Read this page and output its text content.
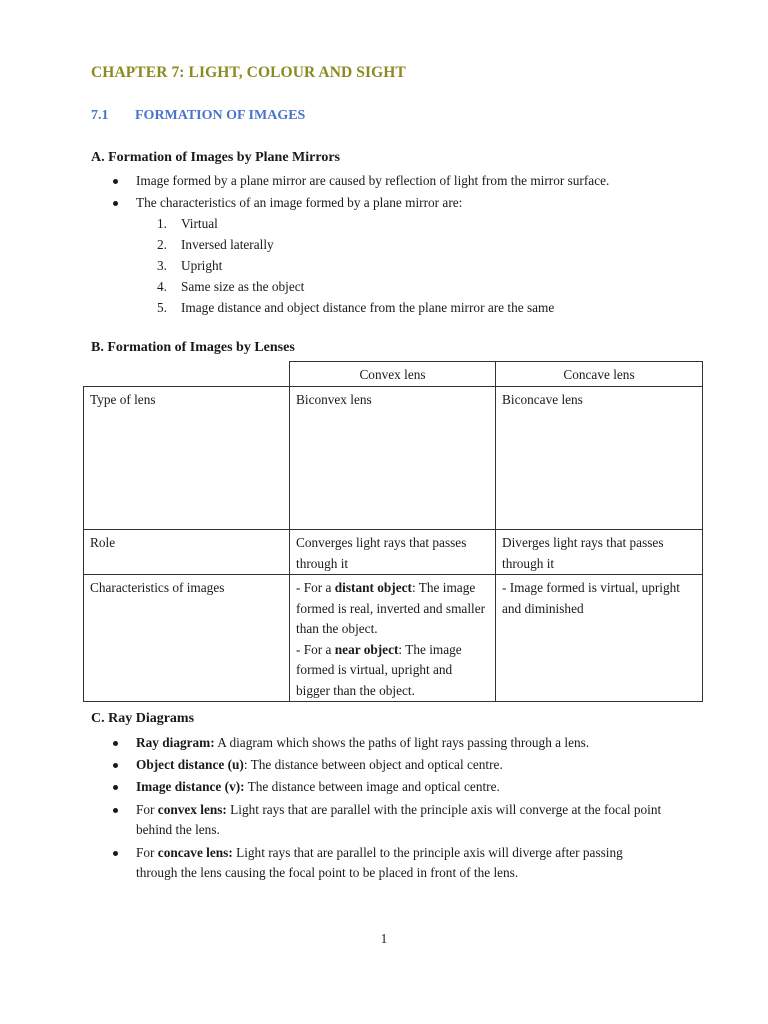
CHAPTER 7: LIGHT, COLOUR AND SIGHT
7.1 FORMATION OF IMAGES
A. Formation of Images by Plane Mirrors
Image formed by a plane mirror are caused by reflection of light from the mirror surface.
The characteristics of an image formed by a plane mirror are:
1.	Virtual
2.	Inversed laterally
3.	Upright
4.	Same size as the object
5.	Image distance and object distance from the plane mirror are the same
B. Formation of Images by Lenses
	Convex lens	Concave lens
Type of lens	Biconvex lens	Biconcave lens
Role	Converges light rays that passes through it	Diverges light rays that passes through it
Characteristics of images	- For a distant object: The image formed is real, inverted and smaller than the object.
- For a near object: The image formed is virtual, upright and bigger than the object.	- Image formed is virtual, upright and diminished
C. Ray Diagrams
Ray diagram: A diagram which shows the paths of light rays passing through a lens.
Object distance (u): The distance between object and optical centre.
Image distance (v): The distance between image and optical centre.
For convex lens: Light rays that are parallel with the principle axis will converge at the focal point behind the lens.
For concave lens: Light rays that are parallel to the principle axis will diverge after passing through the lens causing the focal point to be placed in front of the lens.
1
